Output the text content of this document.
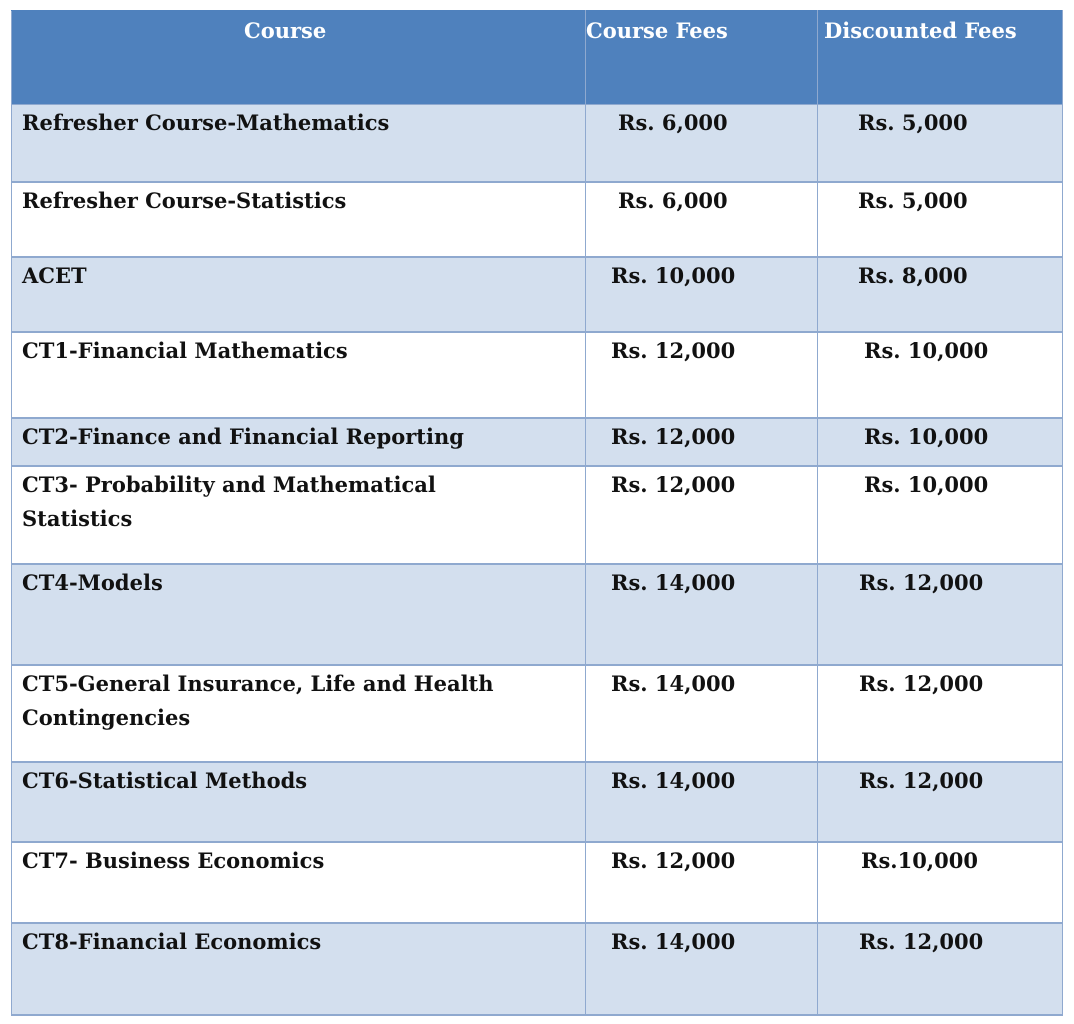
Course	Course Fees	Discounted Fees
Refresher Course-Mathematics	Rs. 6,000	Rs. 5,000
Refresher Course-Statistics	Rs. 6,000	Rs. 5,000
ACET	Rs. 10,000	Rs. 8,000
CT1-Financial Mathematics	Rs. 12,000	Rs. 10,000
CT2-Finance and Financial Reporting	Rs. 12,000	Rs. 10,000
CT3- Probability and Mathematical Statistics	Rs. 12,000	Rs. 10,000
CT4-Models	Rs. 14,000	Rs. 12,000
CT5-General Insurance, Life and Health Contingencies	Rs. 14,000	Rs. 12,000
CT6-Statistical Methods	Rs. 14,000	Rs. 12,000
CT7- Business Economics	Rs. 12,000	Rs.10,000
CT8-Financial Economics	Rs. 14,000	Rs. 12,000
